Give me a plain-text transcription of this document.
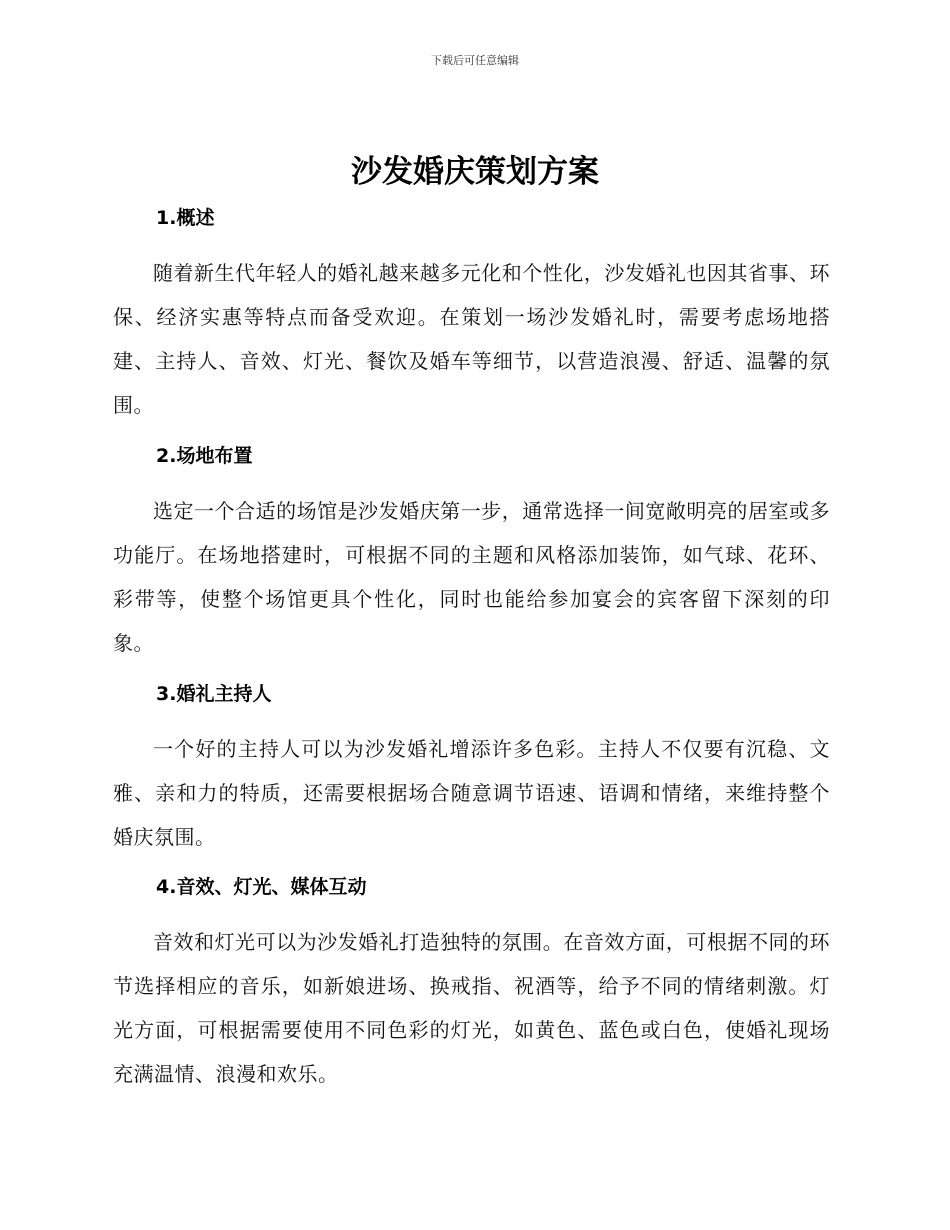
下载后可任意编辑
沙发婚庆策划方案
1.概述

随着新生代年轻人的婚礼越来越多元化和个性化，沙发婚礼也因其省事、环保、经济实惠等特点而备受欢迎。在策划一场沙发婚礼时，需要考虑场地搭建、主持人、音效、灯光、餐饮及婚车等细节，以营造浪漫、舒适、温馨的氛围。

2.场地布置

选定一个合适的场馆是沙发婚庆第一步，通常选择一间宽敞明亮的居室或多功能厅。在场地搭建时，可根据不同的主题和风格添加装饰，如气球、花环、彩带等，使整个场馆更具个性化，同时也能给参加宴会的宾客留下深刻的印象。

3.婚礼主持人

一个好的主持人可以为沙发婚礼增添许多色彩。主持人不仅要有沉稳、文雅、亲和力的特质，还需要根据场合随意调节语速、语调和情绪，来维持整个婚庆氛围。

4.音效、灯光、媒体互动

音效和灯光可以为沙发婚礼打造独特的氛围。在音效方面，可根据不同的环节选择相应的音乐，如新娘进场、换戒指、祝酒等，给予不同的情绪刺激。灯光方面，可根据需要使用不同色彩的灯光，如黄色、蓝色或白色，使婚礼现场充满温情、浪漫和欢乐。
